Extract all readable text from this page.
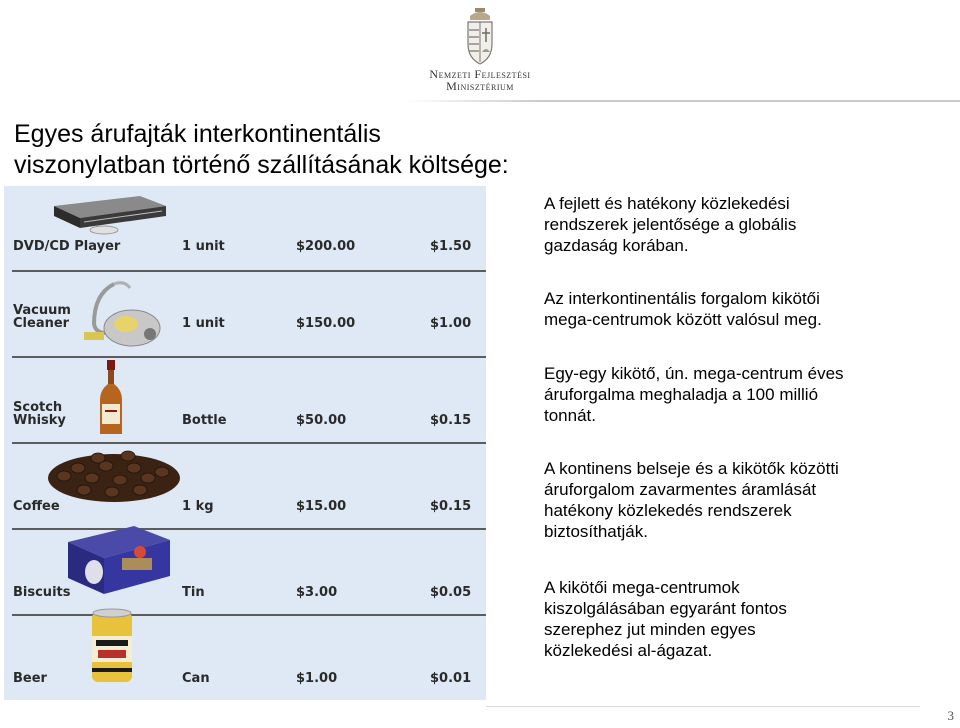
Nemzeti Fejlesztési
Minisztérium
Egyes árufajták interkontinentális
viszonylatban történő szállításának költsége:
DVD/CD Player	1 unit	$200.00	$1.50
Vacuum
Cleaner	1 unit	$150.00	$1.00
Scotch
Whisky	Bottle	$50.00	$0.15
Coffee	1 kg	$15.00	$0.15
Biscuits	Tin	$3.00	$0.05
Beer	Can	$1.00	$0.01
A fejlett és hatékony közlekedési
rendszerek jelentősége a globális
gazdaság korában.
Az interkontinentális forgalom kikötői
mega-centrumok között valósul meg.
Egy-egy kikötő, ún. mega-centrum éves
áruforgalma meghaladja a 100 millió
tonnát.
A kontinens belseje és a kikötők közötti
áruforgalom zavarmentes áramlását
hatékony közlekedés rendszerek
biztosíthatják.
A kikötői mega-centrumok
kiszolgálásában egyaránt fontos
szerephez jut minden egyes
közlekedési al-ágazat.
3
